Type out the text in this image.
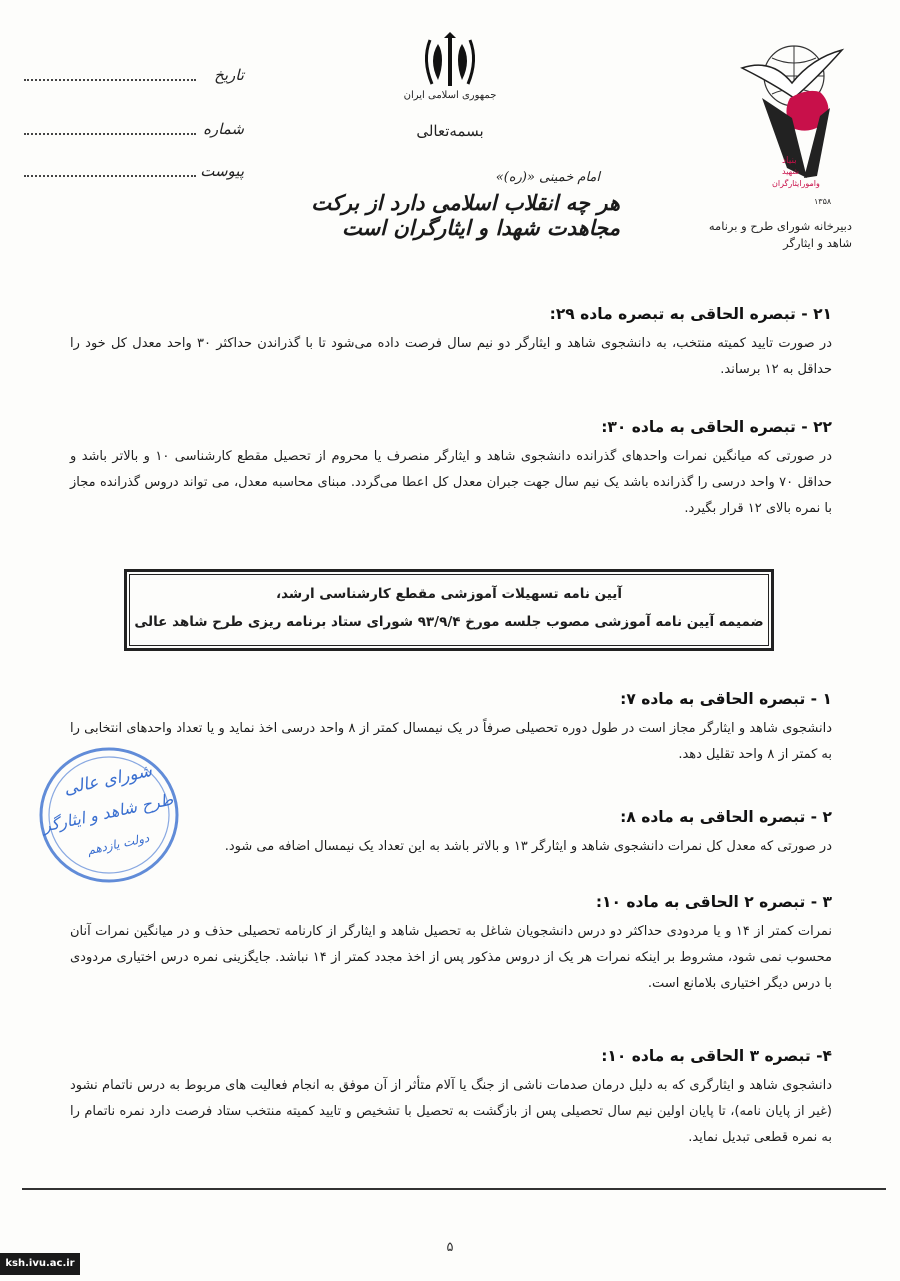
بنیاد
شهید
وامورایثارگران
۱۳۵۸
دبیرخانه شورای طرح و برنامه
شاهد و ایثارگر
جمهوری اسلامی ایران
بسمه‌تعالی
تاریخ
شماره
پیوست	امام خمینی «(ره)»
هر چه انقلاب اسلامی دارد از برکت مجاهدت شهدا و ایثارگران است
۲۱ - تبصره الحاقی به تبصره ماده ۲۹:

در صورت تایید کمیته منتخب، به دانشجوی شاهد و ایثارگر دو نیم سال فرصت داده می‌شود تا با گذراندن حداکثر ۳۰ واحد معدل کل خود را حداقل به ۱۲ برساند.

۲۲ - تبصره الحاقی به ماده ۳۰:

در صورتی که میانگین نمرات واحدهای گذرانده دانشجوی شاهد و ایثارگر منصرف یا محروم از تحصیل مقطع کارشناسی ۱۰ و بالاتر باشد و حداقل ۷۰ واحد درسی را گذرانده باشد یک نیم سال جهت جبران معدل کل اعطا می‌گردد. مبنای محاسبه معدل، می تواند دروس گذرانده مجاز با نمره بالای ۱۲ قرار بگیرد.

آیین نامه تسهیلات آموزشی مقطع کارشناسی ارشد،
ضمیمه آیین نامه آموزشی مصوب جلسه مورخ ۹۳/۹/۴ شورای ستاد برنامه ریزی طرح شاهد عالی
۱ - تبصره الحاقی به ماده ۷:

دانشجوی شاهد و ایثارگر مجاز است در طول دوره تحصیلی صرفاً در یک نیمسال کمتر از ۸ واحد درسی اخذ نماید و یا تعداد واحدهای انتخابی را به کمتر از ۸ واحد تقلیل دهد.

۲ - تبصره الحاقی به ماده ۸:

در صورتی که معدل کل نمرات دانشجوی شاهد و ایثارگر ۱۳ و بالاتر باشد به این تعداد یک نیمسال اضافه می شود.

۳ - تبصره ۲ الحاقی به ماده ۱۰:

نمرات کمتر از ۱۴ و یا مردودی حداکثر دو درس دانشجویان شاغل به تحصیل شاهد و ایثارگر از کارنامه تحصیلی حذف و در میانگین نمرات آنان محسوب نمی شود، مشروط بر اینکه نمرات هر یک از دروس مذکور پس از اخذ مجدد کمتر از ۱۴ نباشد. جایگزینی نمره درس اختیاری مردودی با درس دیگر اختیاری بلامانع است.

۴- تبصره ۳ الحاقی به ماده ۱۰:

دانشجوی شاهد و ایثارگری که به دلیل درمان صدمات ناشی از جنگ یا آلام متأثر از آن موفق به انجام فعالیت های مربوط به درس ناتمام نشود (غیر از پایان نامه)، تا پایان اولین نیم سال تحصیلی پس از بازگشت به تحصیل با تشخیص و تایید کمیته منتخب ستاد فرصت دارد نمره ناتمام را به نمره قطعی تبدیل نماید.

شورای عالی
طرح شاهد و ایثارگر
دولت یازدهم
۵
ksh.ivu.ac.ir
